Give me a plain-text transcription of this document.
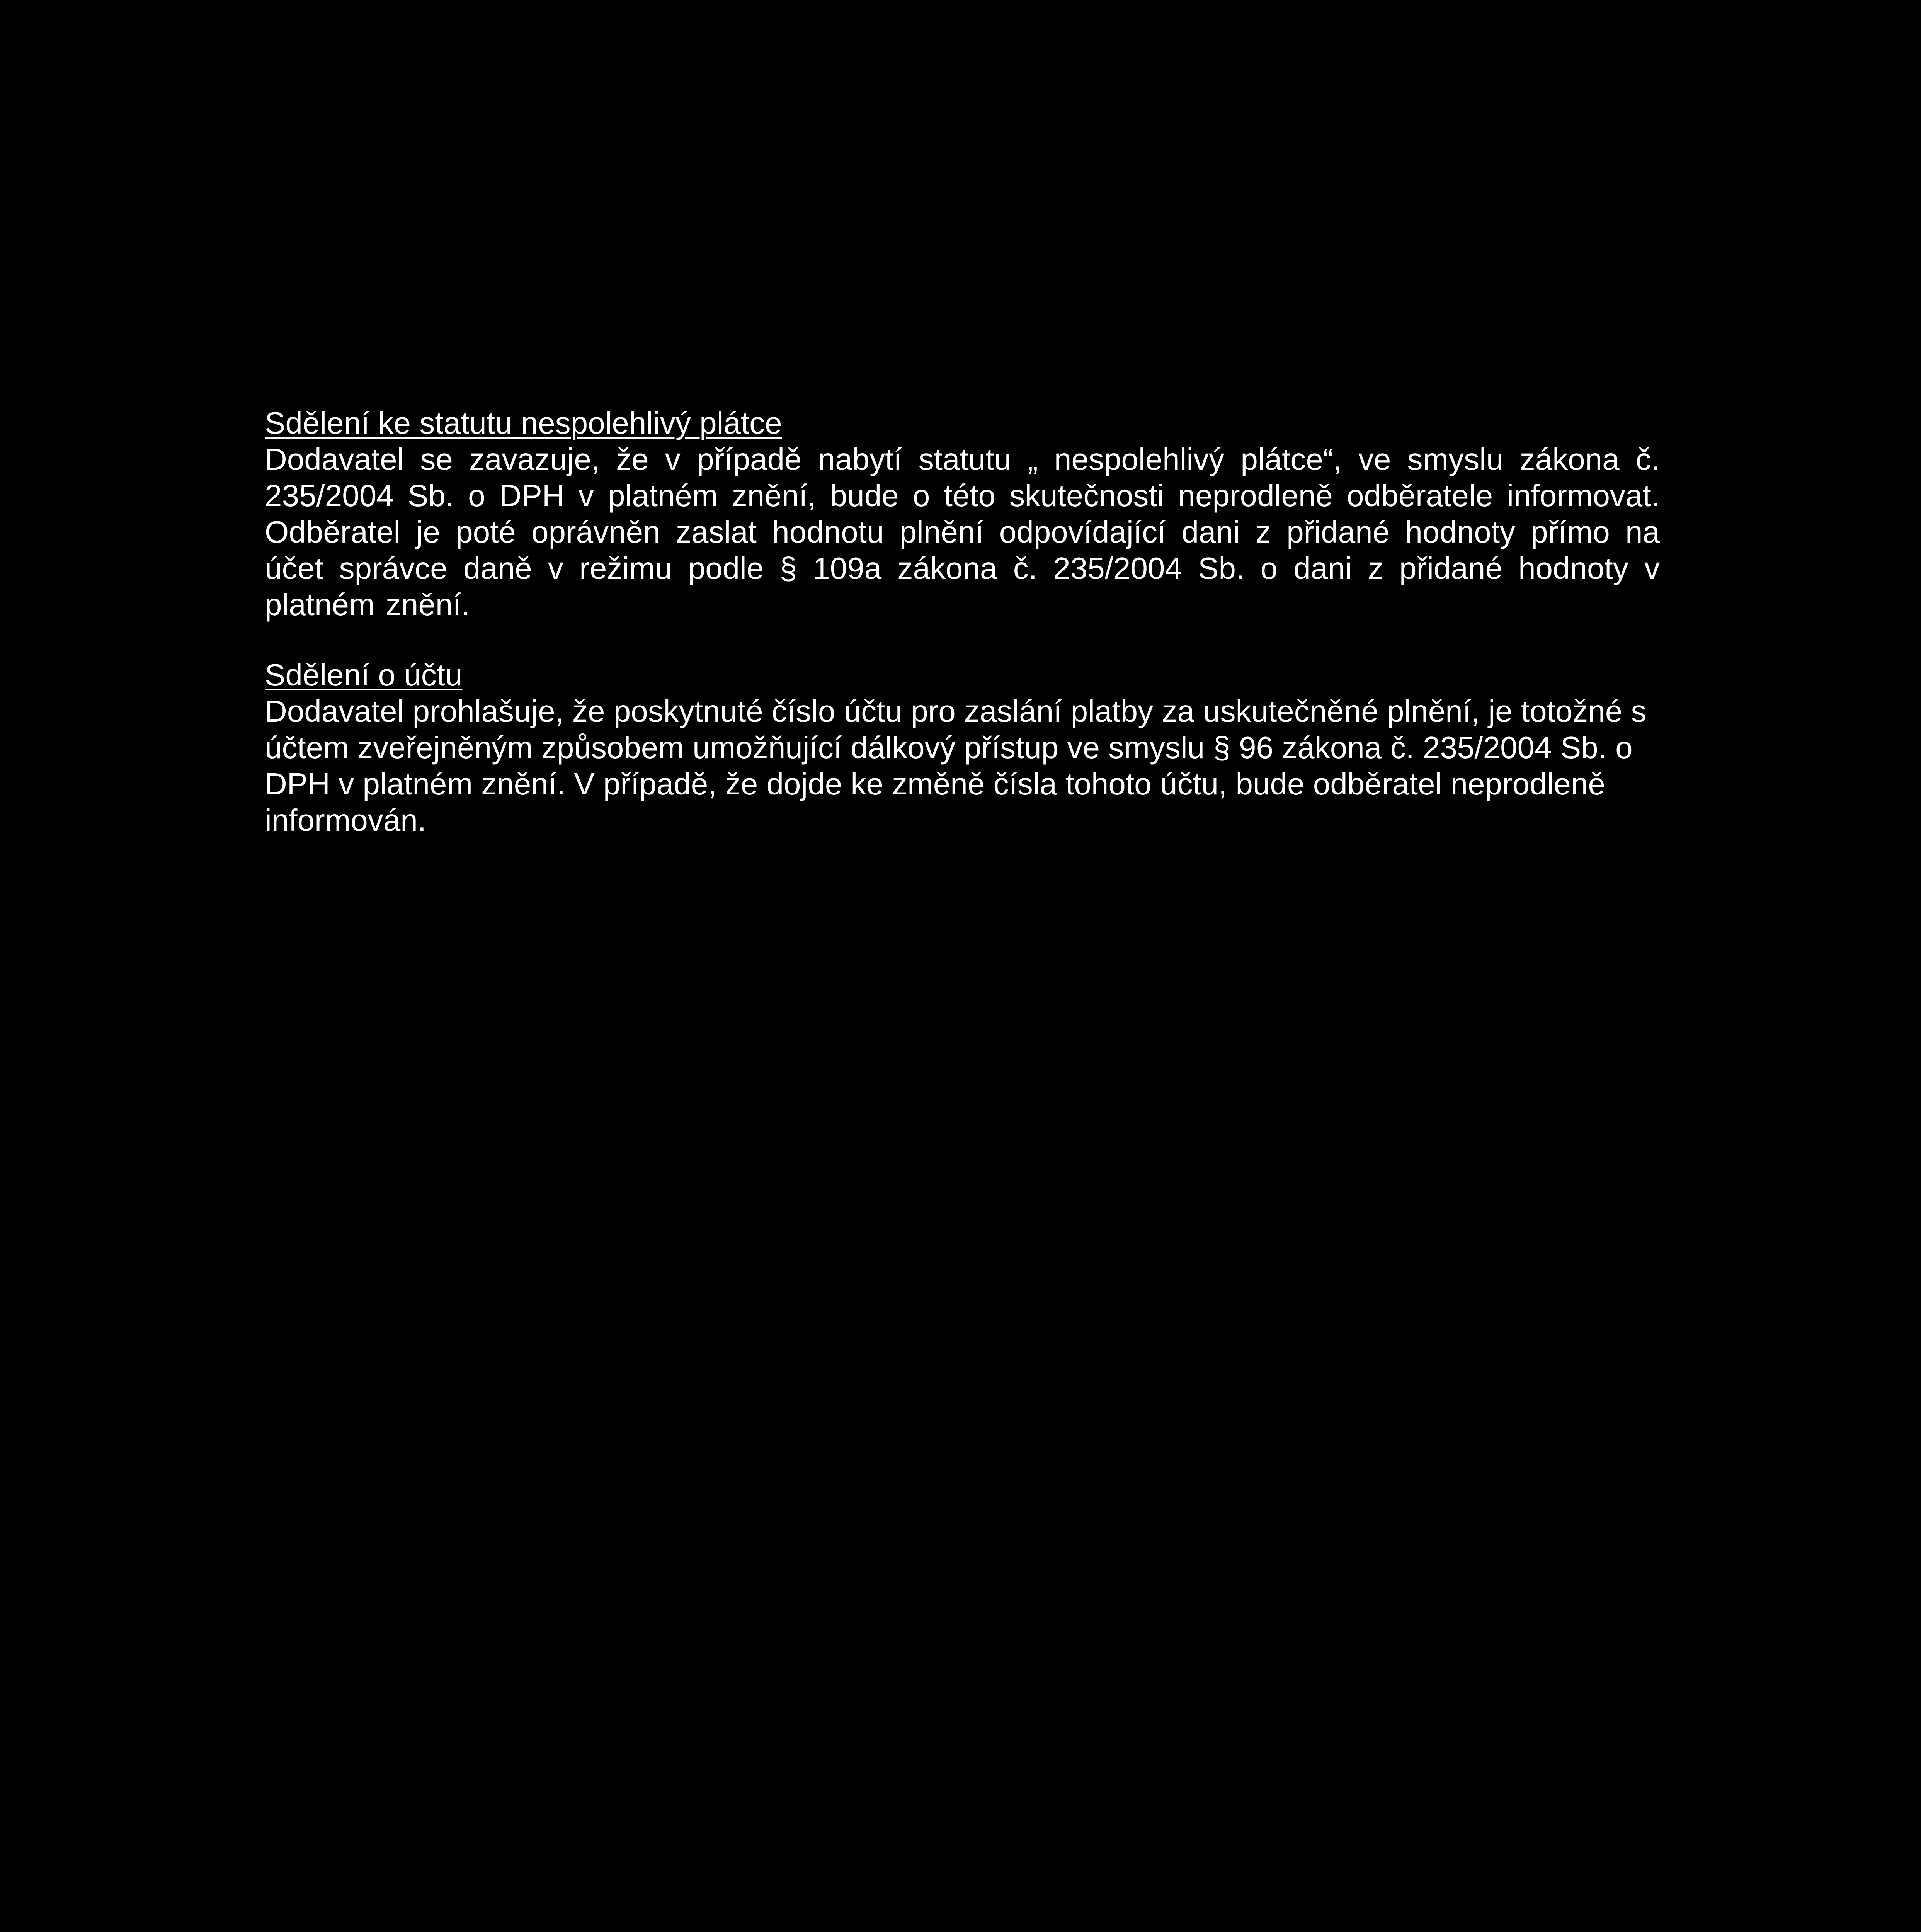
Sdělení ke statutu nespolehlivý plátce

Dodavatel se zavazuje, že v případě nabytí statutu „ nespolehlivý plátce“, ve smyslu zákona č. 235/2004 Sb. o DPH v platném znění, bude o této skutečnosti neprodleně odběratele informovat. Odběratel je poté oprávněn zaslat hodnotu plnění odpovídající dani z přidané hodnoty přímo na účet správce daně v režimu podle § 109a zákona č. 235/2004 Sb. o dani z přidané hodnoty v platném znění.

Sdělení o účtu

Dodavatel prohlašuje, že poskytnuté číslo účtu pro zaslání platby za uskutečněné plnění, je totožné s účtem zveřejněným způsobem umožňující dálkový přístup ve smyslu § 96 zákona č. 235/2004 Sb. o DPH v platném znění. V případě, že dojde ke změně čísla tohoto účtu, bude odběratel neprodleně informován.
